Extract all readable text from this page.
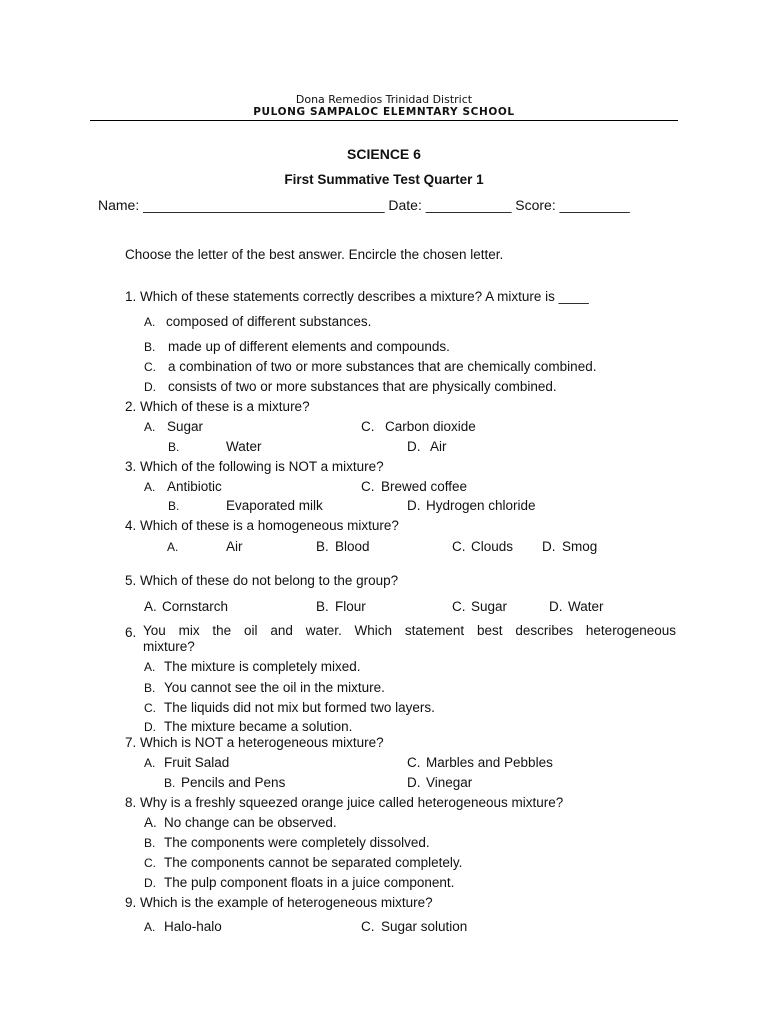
Dona Remedios Trinidad District
PULONG SAMPALOC ELEMNTARY SCHOOL
SCIENCE 6
First Summative Test Quarter 1
Name: _______________________________ Date: ___________ Score: _________
Choose the letter of the best answer. Encircle the chosen letter.
1. Which of these statements correctly describes a mixture? A mixture is ____
A. composed of different substances.
B. made up of different elements and compounds.
C. a combination of two or more substances that are chemically combined.
D. consists of two or more substances that are physically combined.
2. Which of these is a mixture?
A. Sugar	C. Carbon dioxide
B.	Water	D. Air
3. Which of the following is NOT a mixture?
A. Antibiotic	C. Brewed coffee
B.	Evaporated milk	D. Hydrogen chloride
4. Which of these is a homogeneous mixture?
A.	Air	B. Blood	C. Clouds D. Smog
5. Which of these do not belong to the group?
A. Cornstarch	B. Flour	C. Sugar	D. Water
6. You mix the oil and water. Which statement best describes heterogeneous
mixture?
A. The mixture is completely mixed.
B. You cannot see the oil in the mixture.
C. The liquids did not mix but formed two layers.
D. The mixture became a solution.
7. Which is NOT a heterogeneous mixture?
A. Fruit Salad	C. Marbles and Pebbles
B. Pencils and Pens	D. Vinegar
8. Why is a freshly squeezed orange juice called heterogeneous mixture?
A. No change can be observed.
B. The components were completely dissolved.
C. The components cannot be separated completely.
D. The pulp component floats in a juice component.
9. Which is the example of heterogeneous mixture?
A. Halo-halo	C. Sugar solution
